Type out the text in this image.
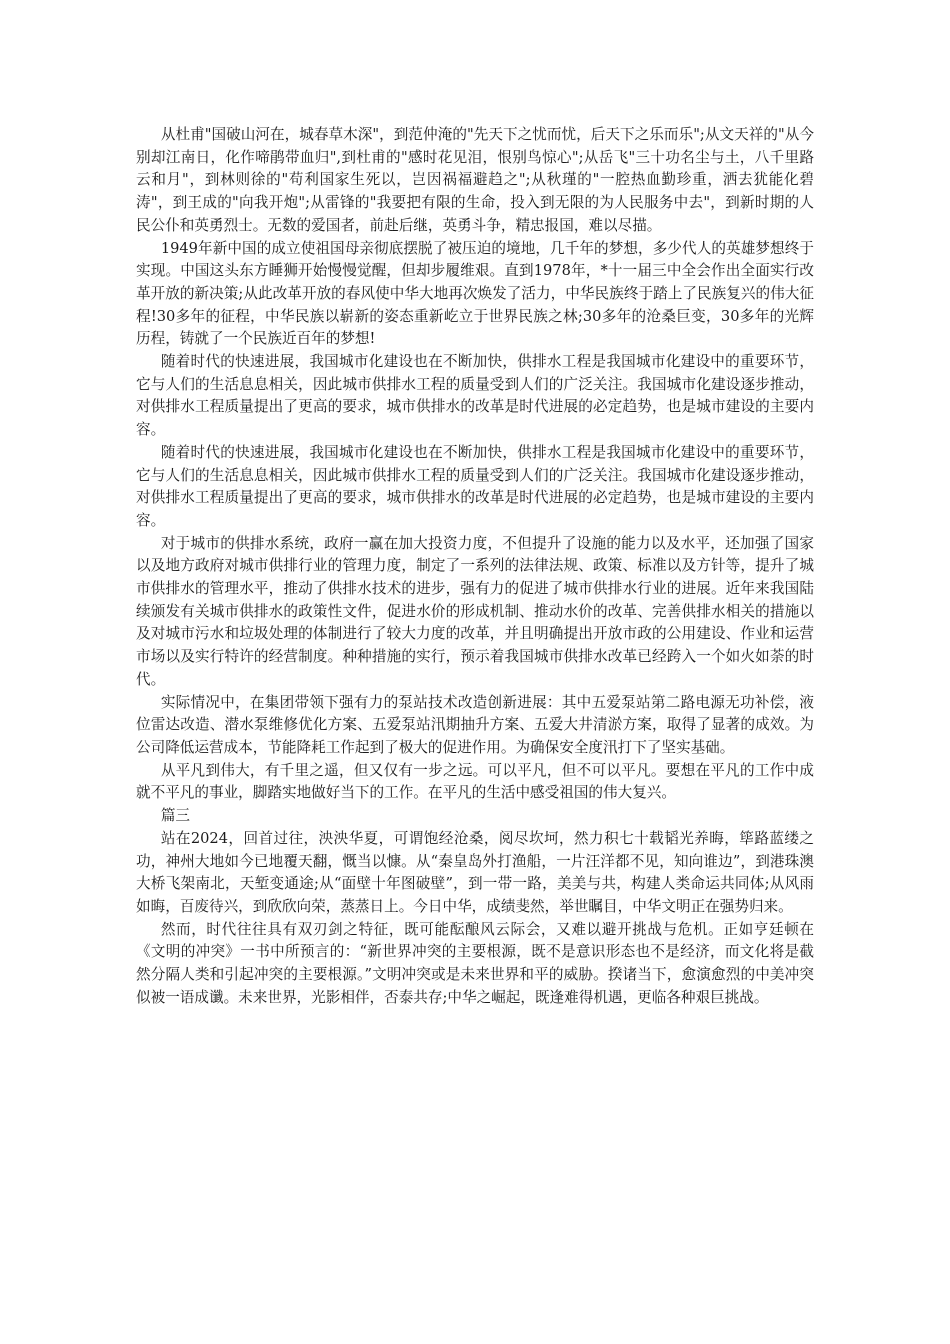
从杜甫"国破山河在，城春草木深"，到范仲淹的"先天下之忧而忧，后天下之乐而乐";从文天祥的"从今别却江南日，化作啼鹃带血归",到杜甫的"感时花见泪，恨别鸟惊心";从岳飞"三十功名尘与土，八千里路云和月"，到林则徐的"苟利国家生死以，岂因祸福避趋之";从秋瑾的"一腔热血勤珍重，洒去犹能化碧涛"，到王成的"向我开炮";从雷锋的"我要把有限的生命，投入到无限的为人民服务中去"，到新时期的人民公仆和英勇烈士。无数的爱国者，前赴后继，英勇斗争，精忠报国，难以尽描。

1949年新中国的成立使祖国母亲彻底摆脱了被压迫的境地，几千年的梦想，多少代人的英雄梦想终于实现。中国这头东方睡狮开始慢慢觉醒，但却步履维艰。直到1978年，*十一届三中全会作出全面实行改革开放的新决策;从此改革开放的春风使中华大地再次焕发了活力，中华民族终于踏上了民族复兴的伟大征程!30多年的征程，中华民族以崭新的姿态重新屹立于世界民族之林;30多年的沧桑巨变，30多年的光辉历程，铸就了一个民族近百年的梦想!

随着时代的快速进展，我国城市化建设也在不断加快，供排水工程是我国城市化建设中的重要环节，它与人们的生活息息相关，因此城市供排水工程的质量受到人们的广泛关注。我国城市化建设逐步推动，对供排水工程质量提出了更高的要求，城市供排水的改革是时代进展的必定趋势，也是城市建设的主要内容。

随着时代的快速进展，我国城市化建设也在不断加快，供排水工程是我国城市化建设中的重要环节，它与人们的生活息息相关，因此城市供排水工程的质量受到人们的广泛关注。我国城市化建设逐步推动，对供排水工程质量提出了更高的要求，城市供排水的改革是时代进展的必定趋势，也是城市建设的主要内容。

对于城市的供排水系统，政府一赢在加大投资力度，不但提升了设施的能力以及水平，还加强了国家以及地方政府对城市供排行业的管理力度，制定了一系列的法律法规、政策、标准以及方针等，提升了城市供排水的管理水平，推动了供排水技术的进步，强有力的促进了城市供排水行业的进展。近年来我国陆续颁发有关城市供排水的政策性文件，促进水价的形成机制、推动水价的改革、完善供排水相关的措施以及对城市污水和垃圾处理的体制进行了较大力度的改革，并且明确提出开放市政的公用建设、作业和运营市场以及实行特许的经营制度。种种措施的实行，预示着我国城市供排水改革已经跨入一个如火如荼的时代。

实际情况中，在集团带领下强有力的泵站技术改造创新进展：其中五爱泵站第二路电源无功补偿，液位雷达改造、潜水泵维修优化方案、五爱泵站汛期抽升方案、五爱大井清淤方案，取得了显著的成效。为公司降低运营成本，节能降耗工作起到了极大的促进作用。为确保安全度汛打下了坚实基础。

从平凡到伟大，有千里之遥，但又仅有一步之远。可以平凡，但不可以平凡。要想在平凡的工作中成就不平凡的事业，脚踏实地做好当下的工作。在平凡的生活中感受祖国的伟大复兴。

篇三

站在2024，回首过往，泱泱华夏，可谓饱经沧桑，阅尽坎坷，然力积七十载韬光养晦，筚路蓝缕之功，神州大地如今已地覆天翻，慨当以慷。从“秦皇岛外打渔船，一片汪洋都不见，知向谁边”，到港珠澳大桥飞架南北，天堑变通途;从“面壁十年图破壁”，到一带一路，美美与共，构建人类命运共同体;从风雨如晦，百废待兴，到欣欣向荣，蒸蒸日上。今日中华，成绩斐然，举世瞩目，中华文明正在强势归来。

然而，时代往往具有双刃剑之特征，既可能酝酿风云际会，又难以避开挑战与危机。正如亨廷顿在《文明的冲突》一书中所预言的：“新世界冲突的主要根源，既不是意识形态也不是经济，而文化将是截然分隔人类和引起冲突的主要根源。”文明冲突或是未来世界和平的威胁。揆诸当下，愈演愈烈的中美冲突似被一语成谶。未来世界，光影相伴，否泰共存;中华之崛起，既逢难得机遇，更临各种艰巨挑战。
